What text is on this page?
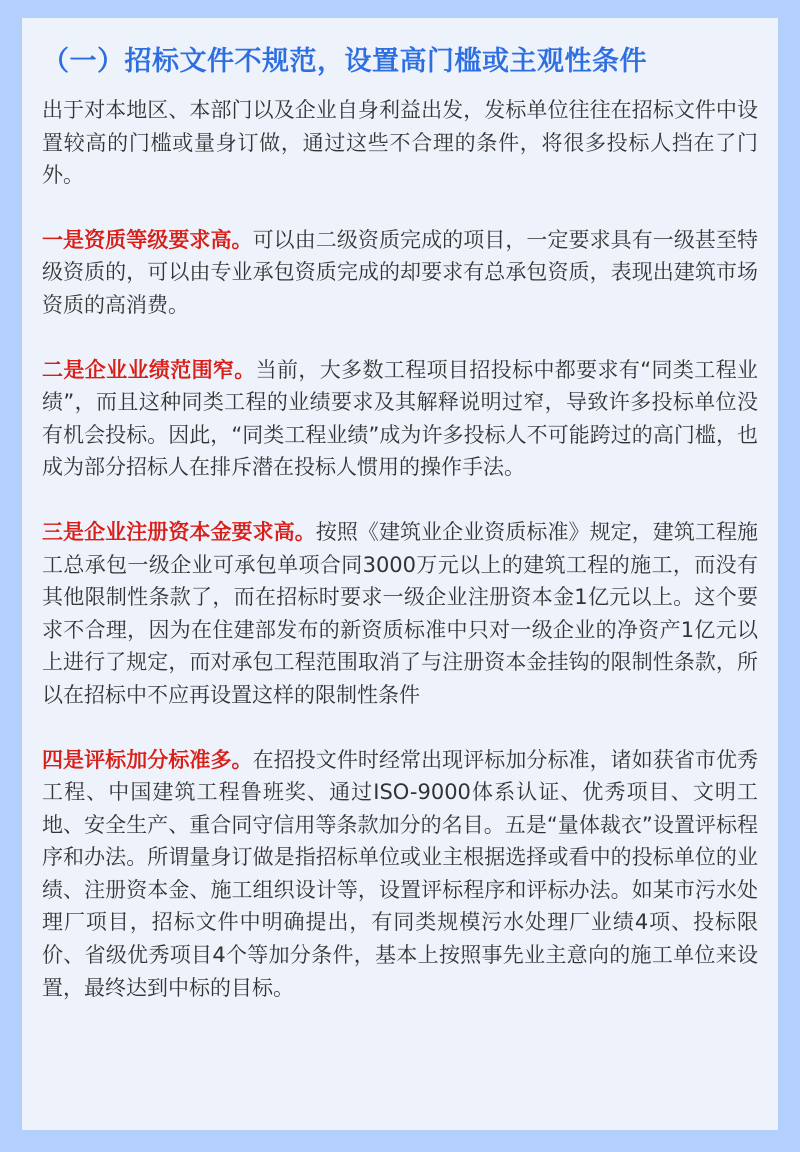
（一）招标文件不规范，设置高门槛或主观性条件

出于对本地区、本部门以及企业自身利益出发，发标单位往往在招标文件中设置较高的门槛或量身订做，通过这些不合理的条件，将很多投标人挡在了门外。

一是资质等级要求高。可以由二级资质完成的项目，一定要求具有一级甚至特级资质的，可以由专业承包资质完成的却要求有总承包资质，表现出建筑市场资质的高消费。

二是企业业绩范围窄。当前，大多数工程项目招投标中都要求有“同类工程业绩”，而且这种同类工程的业绩要求及其解释说明过窄，导致许多投标单位没有机会投标。因此，“同类工程业绩”成为许多投标人不可能跨过的高门槛，也成为部分招标人在排斥潜在投标人惯用的操作手法。

三是企业注册资本金要求高。按照《建筑业企业资质标准》规定，建筑工程施工总承包一级企业可承包单项合同3000万元以上的建筑工程的施工，而没有其他限制性条款了，而在招标时要求一级企业注册资本金1亿元以上。这个要求不合理，因为在住建部发布的新资质标准中只对一级企业的净资产1亿元以上进行了规定，而对承包工程范围取消了与注册资本金挂钩的限制性条款，所以在招标中不应再设置这样的限制性条件

四是评标加分标准多。在招投文件时经常出现评标加分标准，诸如获省市优秀工程、中国建筑工程鲁班奖、通过ISO-9000体系认证、优秀项目、文明工地、安全生产、重合同守信用等条款加分的名目。五是“量体裁衣”设置评标程序和办法。所谓量身订做是指招标单位或业主根据选择或看中的投标单位的业绩、注册资本金、施工组织设计等，设置评标程序和评标办法。如某市污水处理厂项目，招标文件中明确提出，有同类规模污水处理厂业绩4项、投标限价、省级优秀项目4个等加分条件，基本上按照事先业主意向的施工单位来设置，最终达到中标的目标。
